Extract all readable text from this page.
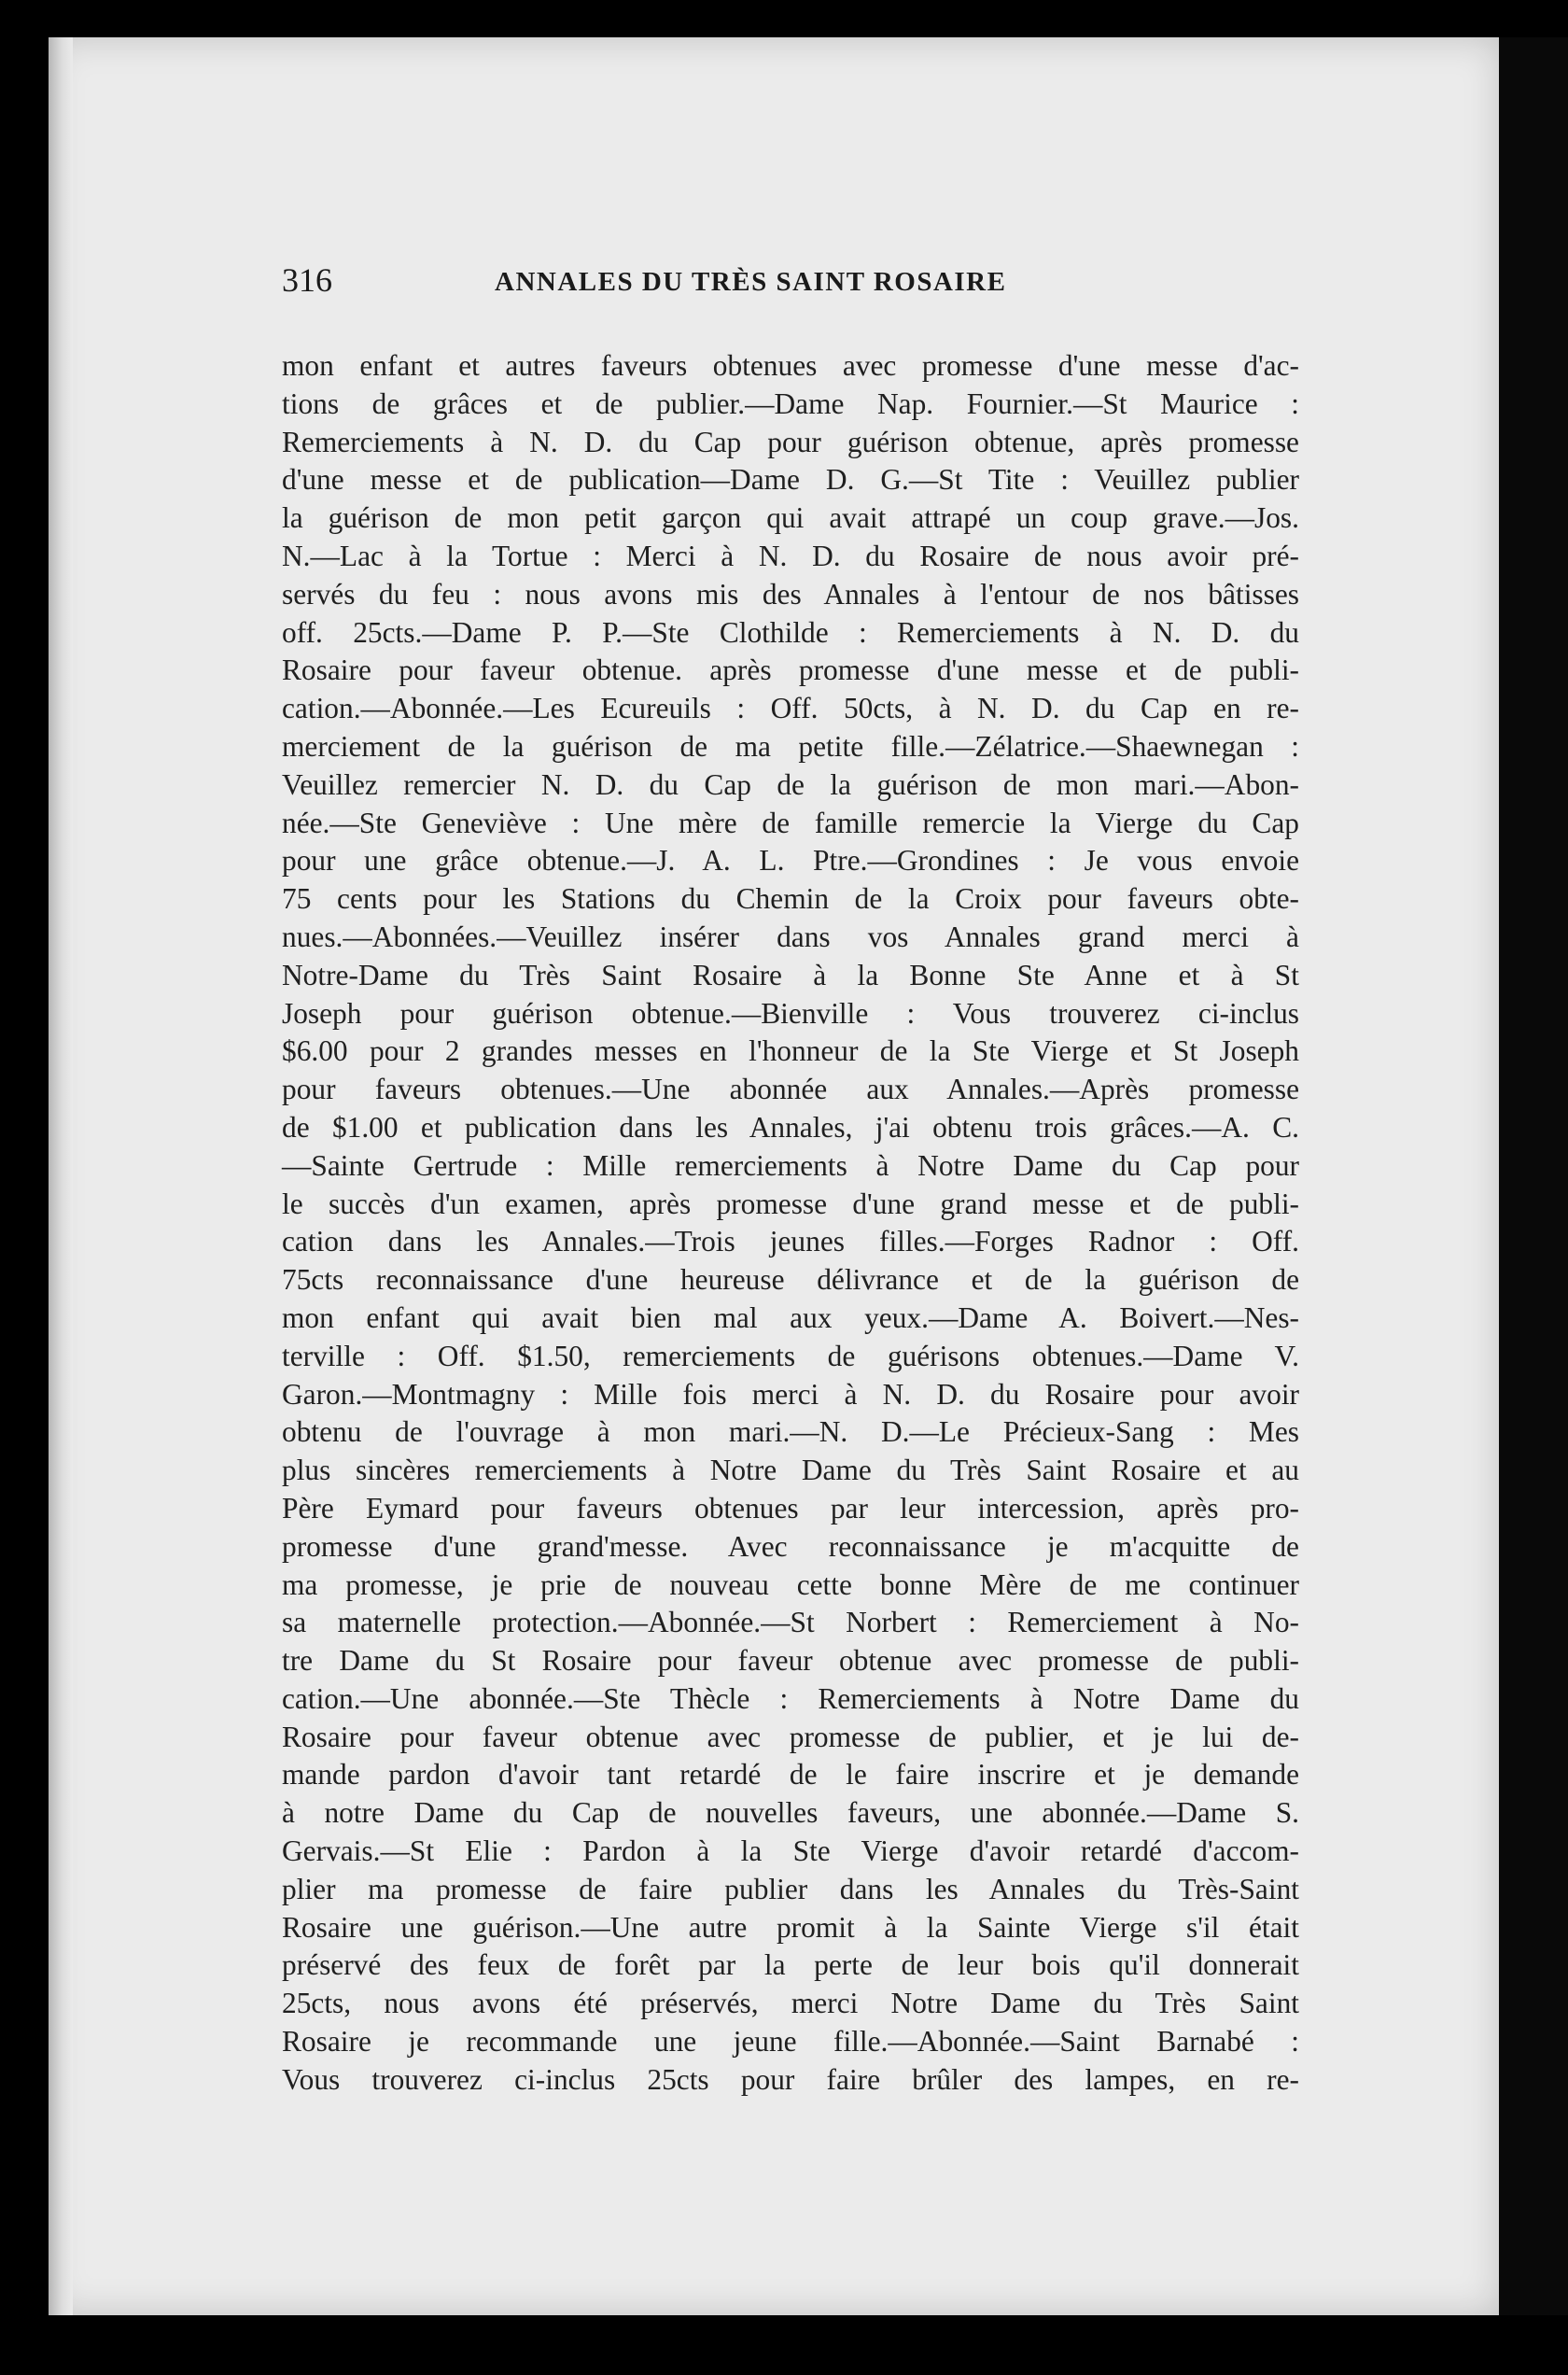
316	ANNALES DU TRÈS SAINT ROSAIRE
mon enfant et autres faveurs obtenues avec promesse d'une messe d'ac-
tions de grâces et de publier.—Dame Nap. Fournier.—St Maurice :
Remerciements à N. D. du Cap pour guérison obtenue, après promesse
d'une messe et de publication—Dame D. G.—St Tite : Veuillez publier
la guérison de mon petit garçon qui avait attrapé un coup grave.—Jos.
N.—Lac à la Tortue : Merci à N. D. du Rosaire de nous avoir pré-
servés du feu : nous avons mis des Annales à l'entour de nos bâtisses
off. 25cts.—Dame P. P.—Ste Clothilde : Remerciements à N. D. du
Rosaire pour faveur obtenue. après promesse d'une messe et de publi-
cation.—Abonnée.—Les Ecureuils : Off. 50cts, à N. D. du Cap en re-
merciement de la guérison de ma petite fille.—Zélatrice.—Shaewnegan :
Veuillez remercier N. D. du Cap de la guérison de mon mari.—Abon-
née.—Ste Geneviève : Une mère de famille remercie la Vierge du Cap
pour une grâce obtenue.—J. A. L. Ptre.—Grondines : Je vous envoie
75 cents pour les Stations du Chemin de la Croix pour faveurs obte-
nues.—Abonnées.—Veuillez insérer dans vos Annales grand merci à
Notre-Dame du Très Saint Rosaire à la Bonne Ste Anne et à St
Joseph pour guérison obtenue.—Bienville : Vous trouverez ci-inclus
$6.00 pour 2 grandes messes en l'honneur de la Ste Vierge et St Joseph
pour faveurs obtenues.—Une abonnée aux Annales.—Après promesse
de $1.00 et publication dans les Annales, j'ai obtenu trois grâces.—A. C.
—Sainte Gertrude : Mille remerciements à Notre Dame du Cap pour
le succès d'un examen, après promesse d'une grand messe et de publi-
cation dans les Annales.—Trois jeunes filles.—Forges Radnor : Off.
75cts reconnaissance d'une heureuse délivrance et de la guérison de
mon enfant qui avait bien mal aux yeux.—Dame A. Boivert.—Nes-
terville : Off. $1.50, remerciements de guérisons obtenues.—Dame V.
Garon.—Montmagny : Mille fois merci à N. D. du Rosaire pour avoir
obtenu de l'ouvrage à mon mari.—N. D.—Le Précieux-Sang : Mes
plus sincères remerciements à Notre Dame du Très Saint Rosaire et au
Père Eymard pour faveurs obtenues par leur intercession, après pro-
promesse d'une grand'messe. Avec reconnaissance je m'acquitte de
ma promesse, je prie de nouveau cette bonne Mère de me continuer
sa maternelle protection.—Abonnée.—St Norbert : Remerciement à No-
tre Dame du St Rosaire pour faveur obtenue avec promesse de publi-
cation.—Une abonnée.—Ste Thècle : Remerciements à Notre Dame du
Rosaire pour faveur obtenue avec promesse de publier, et je lui de-
mande pardon d'avoir tant retardé de le faire inscrire et je demande
à notre Dame du Cap de nouvelles faveurs, une abonnée.—Dame S.
Gervais.—St Elie : Pardon à la Ste Vierge d'avoir retardé d'accom-
plier ma promesse de faire publier dans les Annales du Très-Saint
Rosaire une guérison.—Une autre promit à la Sainte Vierge s'il était
préservé des feux de forêt par la perte de leur bois qu'il donnerait
25cts, nous avons été préservés, merci Notre Dame du Très Saint
Rosaire je recommande une jeune fille.—Abonnée.—Saint Barnabé :
Vous trouverez ci-inclus 25cts pour faire brûler des lampes, en re-
